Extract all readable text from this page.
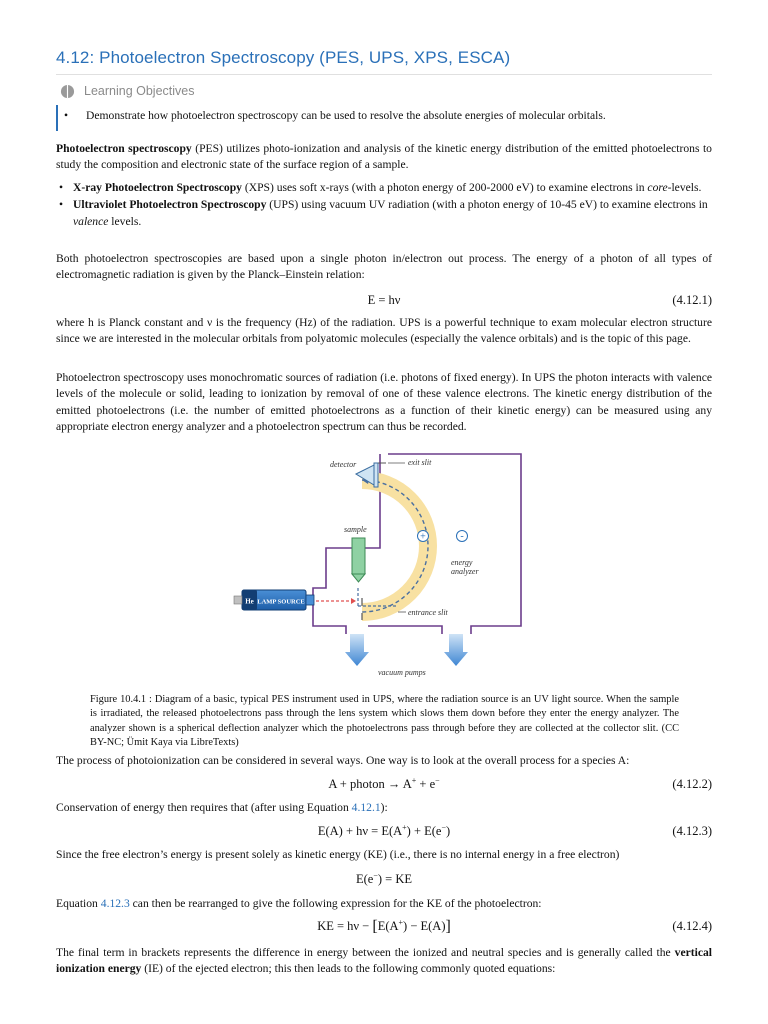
4.12: Photoelectron Spectroscopy (PES, UPS, XPS, ESCA)
Learning Objectives
• Demonstrate how photoelectron spectroscopy can be used to resolve the absolute energies of molecular orbitals.

Photoelectron spectroscopy (PES) utilizes photo-ionization and analysis of the kinetic energy distribution of the emitted photoelectrons to study the composition and electronic state of the surface region of a sample.

• X-ray Photoelectron Spectroscopy (XPS) uses soft x-rays (with a photon energy of 200-2000 eV) to examine electrons in core-levels.
• Ultraviolet Photoelectron Spectroscopy (UPS) using vacuum UV radiation (with a photon energy of 10-45 eV) to examine electrons in valence levels.

Both photoelectron spectroscopies are based upon a single photon in/electron out process. The energy of a photon of all types of electromagnetic radiation is given by the Planck–Einstein relation:

E = hν	(4.12.1)

where h is Planck constant and ν is the frequency (Hz) of the radiation. UPS is a powerful technique to exam molecular electron structure since we are interested in the molecular orbitals from polyatomic molecules (especially the valence orbitals) and is the topic of this page.

Photoelectron spectroscopy uses monochromatic sources of radiation (i.e. photons of fixed energy). In UPS the photon interacts with valence levels of the molecule or solid, leading to ionization by removal of one of these valence electrons. The kinetic energy distribution of the emitted photoelectrons (i.e. the number of emitted photoelectrons as a function of their kinetic energy) can be measured using any appropriate electron energy analyzer and a photoelectron spectrum can thus be recorded.

+	-
detector	exit slit
sample
energy
analyzer
entrance slit
He LAMP SOURCE
vacuum pumps
Figure 10.4.1 : Diagram of a basic, typical PES instrument used in UPS, where the radiation source is an UV light source. When the sample is irradiated, the released photoelectrons pass through the lens system which slows them down before they enter the energy analyzer. The analyzer shown is a spherical deflection analyzer which the photoelectrons pass through before they are collected at the collector slit. (CC BY-NC; Ümit Kaya via LibreTexts)

The process of photoionization can be considered in several ways. One way is to look at the overall process for a species A:

A + photon → A+ + e−	(4.12.2)

Conservation of energy then requires that (after using Equation 4.12.1):

E(A) + hν = E(A+) + E(e−)	(4.12.3)

Since the free electron’s energy is present solely as kinetic energy (KE) (i.e., there is no internal energy in a free electron)

E(e−) = KE

Equation 4.12.3 can then be rearranged to give the following expression for the KE of the photoelectron:

KE = hν − [E(A+) − E(A)]	(4.12.4)

The final term in brackets represents the difference in energy between the ionized and neutral species and is generally called the vertical ionization energy (IE) of the ejected electron; this then leads to the following commonly quoted equations:
